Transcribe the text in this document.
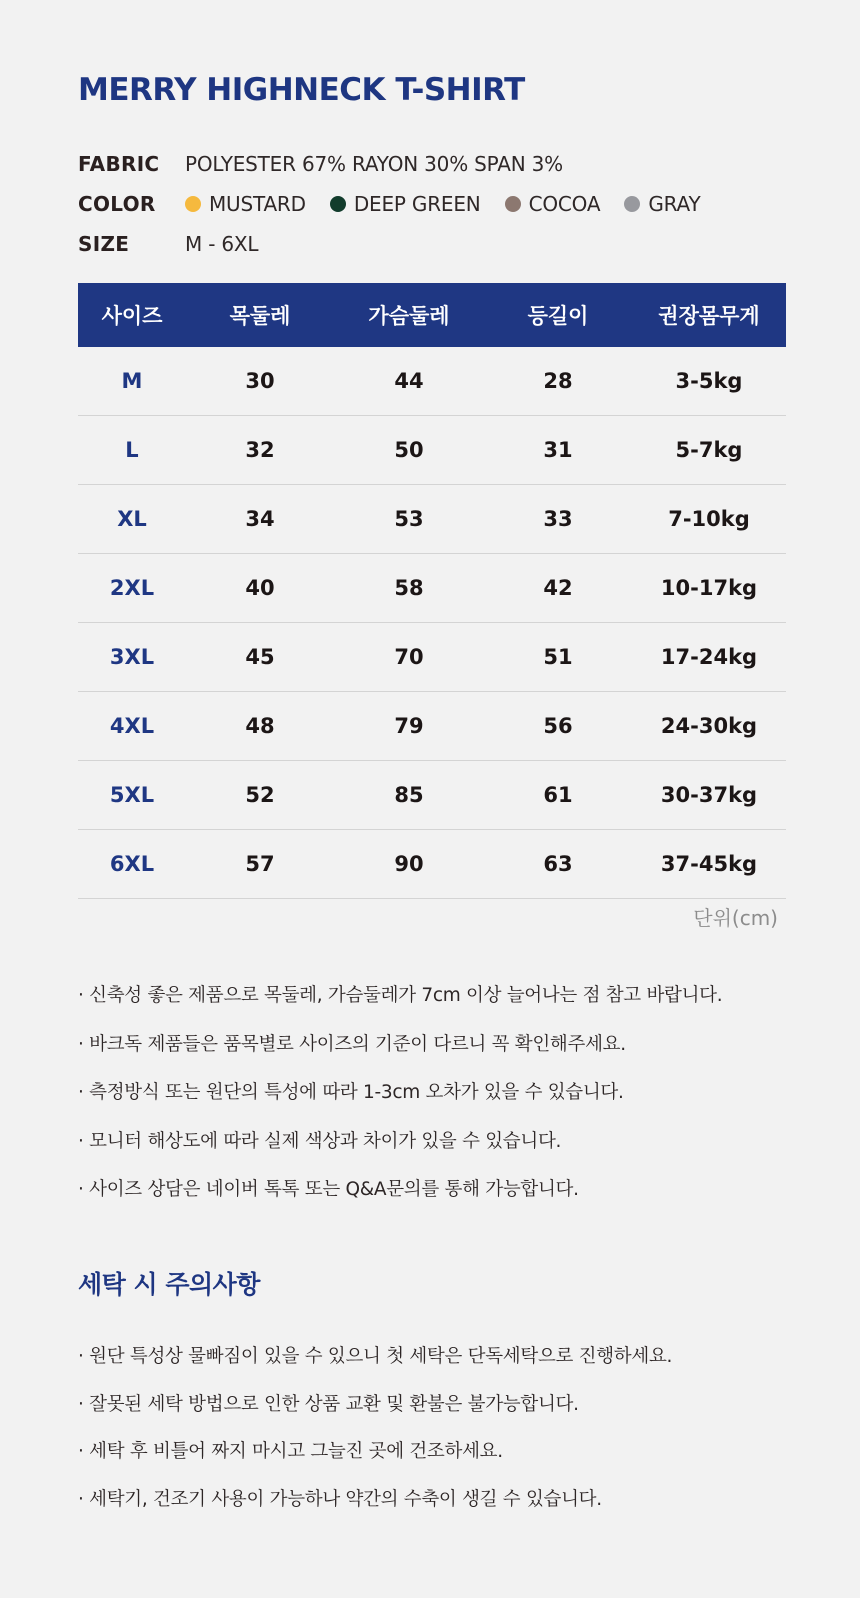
MERRY HIGHNECK T-SHIRT
FABRIC	POLYESTER 67% RAYON 30% SPAN 3%
COLOR	MUSTARD DEEP GREEN COCOA GRAY
SIZE	M - 6XL
사이즈	목둘레	가슴둘레	등길이	권장몸무게
M	30	44	28	3-5kg
L	32	50	31	5-7kg
XL	34	53	33	7-10kg
2XL	40	58	42	10-17kg
3XL	45	70	51	17-24kg
4XL	48	79	56	24-30kg
5XL	52	85	61	30-37kg
6XL	57	90	63	37-45kg
단위(cm)
· 신축성 좋은 제품으로 목둘레, 가슴둘레가 7cm 이상 늘어나는 점 참고 바랍니다.
· 바크독 제품들은 품목별로 사이즈의 기준이 다르니 꼭 확인해주세요.
· 측정방식 또는 원단의 특성에 따라 1-3cm 오차가 있을 수 있습니다.
· 모니터 해상도에 따라 실제 색상과 차이가 있을 수 있습니다.
· 사이즈 상담은 네이버 톡톡 또는 Q&A문의를 통해 가능합니다.
세탁 시 주의사항
· 원단 특성상 물빠짐이 있을 수 있으니 첫 세탁은 단독세탁으로 진행하세요.
· 잘못된 세탁 방법으로 인한 상품 교환 및 환불은 불가능합니다.
· 세탁 후 비틀어 짜지 마시고 그늘진 곳에 건조하세요.
· 세탁기, 건조기 사용이 가능하나 약간의 수축이 생길 수 있습니다.
